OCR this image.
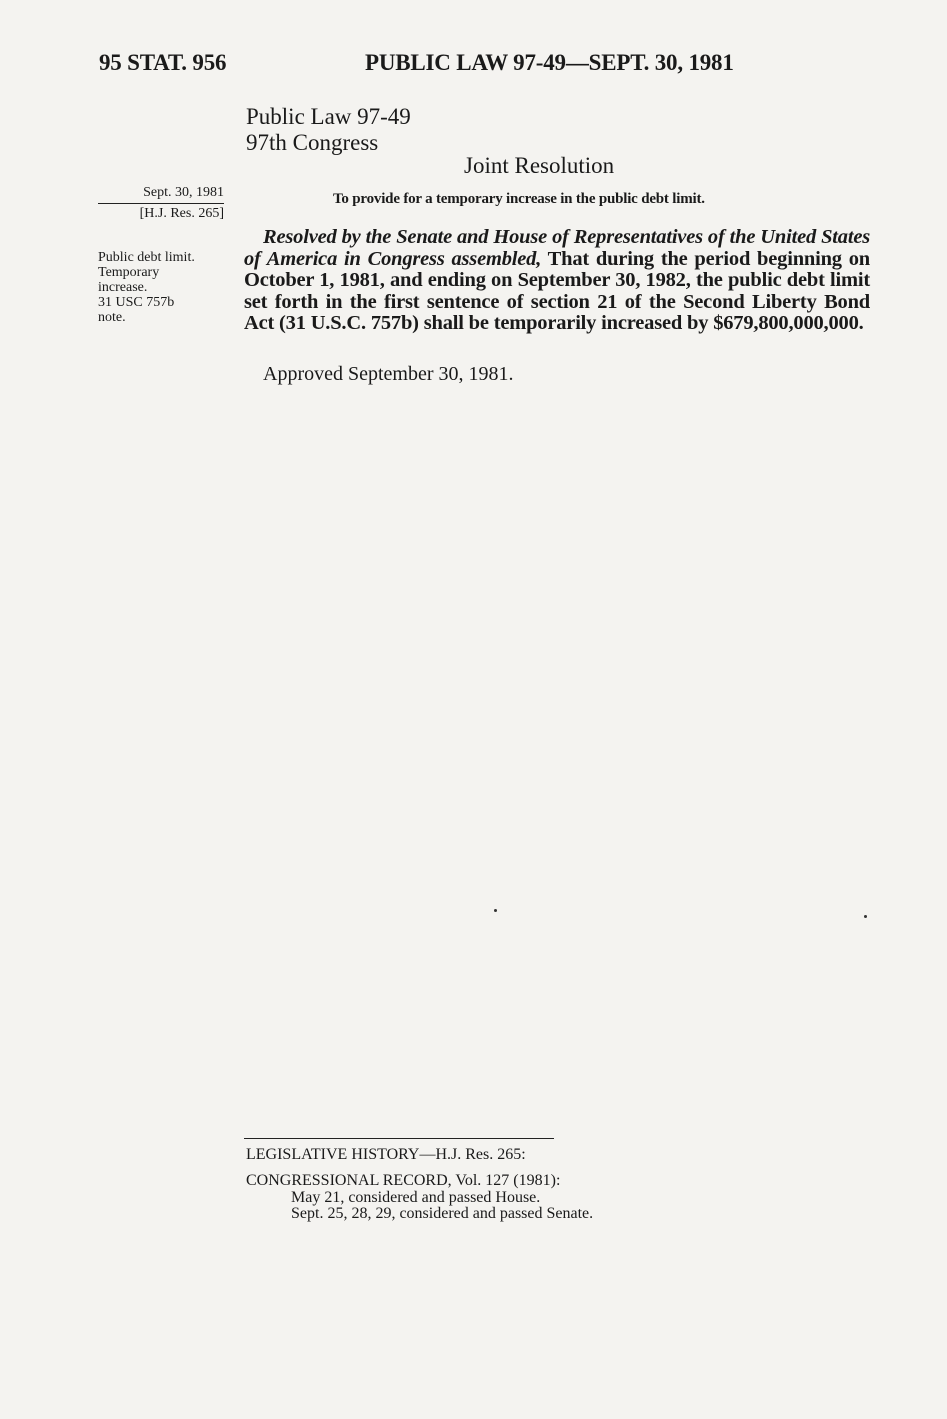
95 STAT. 956	PUBLIC LAW 97-49—SEPT. 30, 1981
Public Law 97-49
97th Congress
Joint Resolution
Sept. 30, 1981
[H.J. Res. 265]
Public debt limit.
Temporary
increase.
31 USC 757b
note.
To provide for a temporary increase in the public debt limit.
Resolved by the Senate and House of Representatives of the United States of America in Congress assembled, That during the period beginning on October 1, 1981, and ending on September 30, 1982, the public debt limit set forth in the first sentence of section 21 of the Second Liberty Bond Act (31 U.S.C. 757b) shall be temporarily increased by $679,800,000,000.
Approved September 30, 1981.
LEGISLATIVE HISTORY—H.J. Res. 265:
CONGRESSIONAL RECORD, Vol. 127 (1981):
May 21, considered and passed House.
Sept. 25, 28, 29, considered and passed Senate.
